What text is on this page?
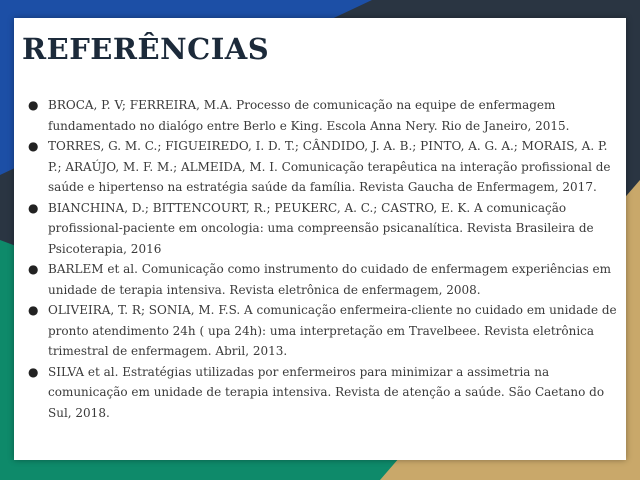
REFERÊNCIAS
● BROCA, P. V; FERREIRA, M.A. Processo de comunicação na equipe de enfermagem fundamentado no dialógo entre Berlo e King. Escola Anna Nery. Rio de Janeiro, 2015.
● TORRES, G. M. C.; FIGUEIREDO, I. D. T.; CÂNDIDO, J. A. B.; PINTO, A. G. A.; MORAIS, A. P. P.; ARAÚJO, M. F. M.; ALMEIDA, M. I. Comunicação terapêutica na interação profissional de saúde e hipertenso na estratégia saúde da família. Revista Gaucha de Enfermagem, 2017.
● BIANCHINA, D.; BITTENCOURT, R.; PEUKERC, A. C.; CASTRO, E. K. A comunicação profissional-paciente em oncologia: uma compreensão psicanalítica. Revista Brasileira de Psicoterapia, 2016
● BARLEM et al. Comunicação como instrumento do cuidado de enfermagem experiências em unidade de terapia intensiva. Revista eletrônica de enfermagem, 2008.
● OLIVEIRA, T. R; SONIA, M. F.S. A comunicação enfermeira-cliente no cuidado em unidade de pronto atendimento 24h ( upa 24h): uma interpretação em Travelbeee. Revista eletrônica trimestral de enfermagem. Abril, 2013.
● SILVA et al. Estratégias utilizadas por enfermeiros para minimizar a assimetria na comunicação em unidade de terapia intensiva. Revista de atenção a saúde. São Caetano do Sul, 2018.
